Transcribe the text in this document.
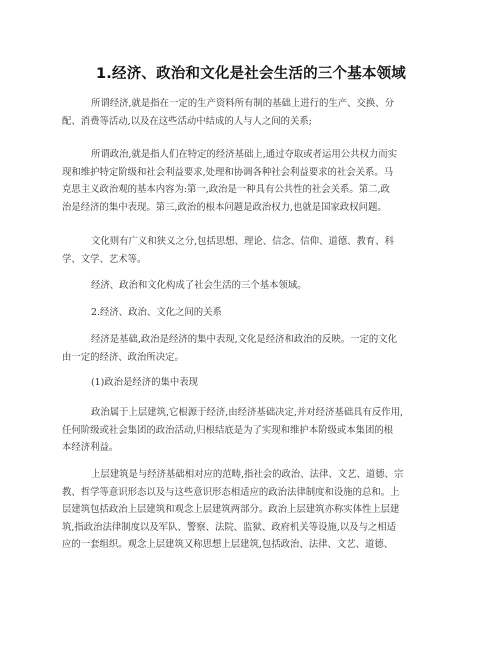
1.经济、政治和文化是社会生活的三个基本领域
所谓经济,就是指在一定的生产资料所有制的基础上进行的生产、交换、分
配、消费等活动,以及在这些活动中结成的人与人之间的关系;
所谓政治,就是指人们在特定的经济基础上,通过夺取或者运用公共权力而实
现和维护特定阶级和社会利益要求,处理和协调各种社会利益要求的社会关系。马
克思主义政治观的基本内容为:第一,政治是一种具有公共性的社会关系。第二,政
治是经济的集中表现。第三,政治的根本问题是政治权力,也就是国家政权问题。
文化则有广义和狭义之分,包括思想、理论、信念、信仰、道德、教育、科
学、文学、艺术等。
经济、政治和文化构成了社会生活的三个基本领域。
2.经济、政治、文化之间的关系
经济是基础,政治是经济的集中表现,文化是经济和政治的反映。一定的文化
由一定的经济、政治所决定。
(1)政治是经济的集中表现
政治属于上层建筑,它根源于经济,由经济基础决定,并对经济基础具有反作用,
任何阶级或社会集团的政治活动,归根结底是为了实现和维护本阶级或本集团的根
本经济利益。
上层建筑是与经济基础相对应的范畴,指社会的政治、法律、文艺、道德、宗
教、哲学等意识形态以及与这些意识形态相适应的政治法律制度和设施的总和。上
层建筑包括政治上层建筑和观念上层建筑两部分。政治上层建筑亦称实体性上层建
筑,指政治法律制度以及军队、警察、法院、监狱、政府机关等设施,以及与之相适
应的一套组织。观念上层建筑又称思想上层建筑,包括政治、法律、文艺、道德、
